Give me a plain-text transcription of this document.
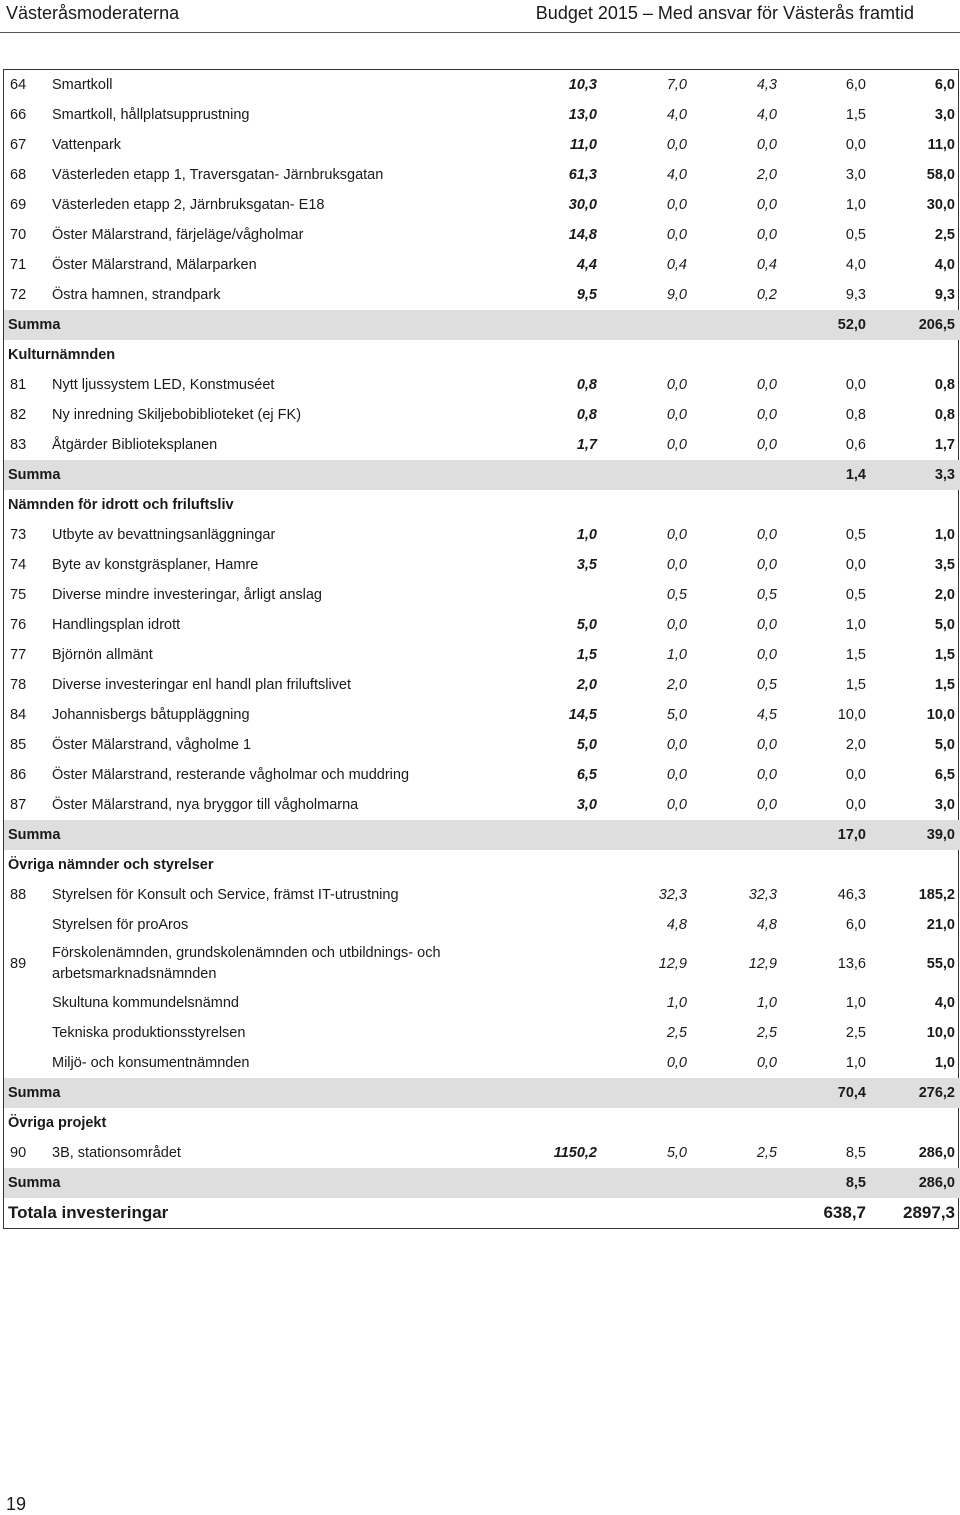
Västeråsmoderaterna	Budget 2015 – Med ansvar för Västerås framtid
64	Smartkoll	10,3	7,0	4,3	6,0	6,0
66	Smartkoll, hållplatsupprustning	13,0	4,0	4,0	1,5	3,0
67	Vattenpark	11,0	0,0	0,0	0,0	11,0
68	Västerleden etapp 1, Traversgatan- Järnbruksgatan	61,3	4,0	2,0	3,0	58,0
69	Västerleden etapp 2, Järnbruksgatan- E18	30,0	0,0	0,0	1,0	30,0
70	Öster Mälarstrand, färjeläge/vågholmar	14,8	0,0	0,0	0,5	2,5
71	Öster Mälarstrand, Mälarparken	4,4	0,4	0,4	4,0	4,0
72	Östra hamnen, strandpark	9,5	9,0	0,2	9,3	9,3
Summa					52,0	206,5
Kulturnämnden						
81	Nytt ljussystem LED, Konstmuséet	0,8	0,0	0,0	0,0	0,8
82	Ny inredning Skiljebobiblioteket (ej FK)	0,8	0,0	0,0	0,8	0,8
83	Åtgärder Biblioteksplanen	1,7	0,0	0,0	0,6	1,7
Summa					1,4	3,3
Nämnden för idrott och friluftsliv						
73	Utbyte av bevattningsanläggningar	1,0	0,0	0,0	0,5	1,0
74	Byte av konstgräsplaner, Hamre	3,5	0,0	0,0	0,0	3,5
75	Diverse mindre investeringar, årligt anslag		0,5	0,5	0,5	2,0
76	Handlingsplan idrott	5,0	0,0	0,0	1,0	5,0
77	Björnön allmänt	1,5	1,0	0,0	1,5	1,5
78	Diverse investeringar enl handl plan friluftslivet	2,0	2,0	0,5	1,5	1,5
84	Johannisbergs båtuppläggning	14,5	5,0	4,5	10,0	10,0
85	Öster Mälarstrand, vågholme 1	5,0	0,0	0,0	2,0	5,0
86	Öster Mälarstrand, resterande vågholmar och muddring	6,5	0,0	0,0	0,0	6,5
87	Öster Mälarstrand, nya bryggor till vågholmarna	3,0	0,0	0,0	0,0	3,0
Summa					17,0	39,0
Övriga nämnder och styrelser						
88	Styrelsen för Konsult och Service, främst IT-utrustning		32,3	32,3	46,3	185,2
	Styrelsen för proAros		4,8	4,8	6,0	21,0
89	Förskolenämnden, grundskolenämnden och utbildnings- och arbetsmarknadsnämnden		12,9	12,9	13,6	55,0
	Skultuna kommundelsnämnd		1,0	1,0	1,0	4,0
	Tekniska produktionsstyrelsen		2,5	2,5	2,5	10,0
	Miljö- och konsumentnämnden		0,0	0,0	1,0	1,0
Summa					70,4	276,2
Övriga projekt						
90	3B, stationsområdet	1150,2	5,0	2,5	8,5	286,0
Summa					8,5	286,0
Totala investeringar					638,7	2897,3
19
